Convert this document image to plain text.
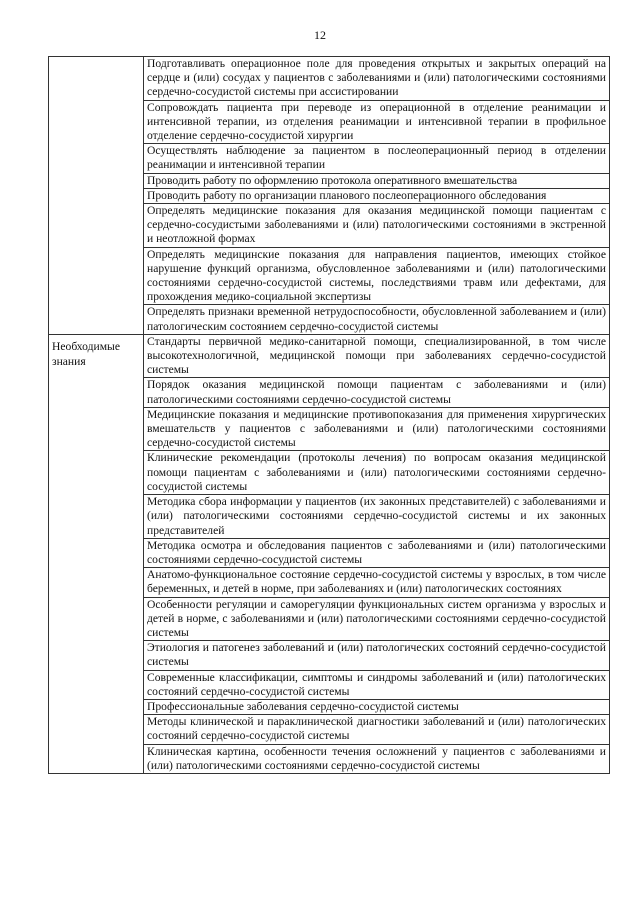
12

	Подготавливать операционное поле для проведения открытых и закрытых операций на сердце и (или) сосудах у пациентов с заболеваниями и (или) патологическими состояниями сердечно-сосудистой системы при ассистировании

	Сопровождать пациента при переводе из операционной в отделение реанимации и интенсивной терапии, из отделения реанимации и интенсивной терапии в профильное отделение сердечно-сосудистой хирургии

	Осуществлять наблюдение за пациентом в послеоперационный период в отделении реанимации и интенсивной терапии

	Проводить работу по оформлению протокола оперативного вмешательства

	Проводить работу по организации планового послеоперационного обследования

	Определять медицинские показания для оказания медицинской помощи пациентам с сердечно-сосудистыми заболеваниями и (или) патологическими состояниями в экстренной и неотложной формах

	Определять медицинские показания для направления пациентов, имеющих стойкое нарушение функций организма, обусловленное заболеваниями и (или) патологическими состояниями сердечно-сосудистой системы, последствиями травм или дефектами, для прохождения медико-социальной экспертизы

	Определять признаки временной нетрудоспособности, обусловленной заболеванием и (или) патологическим состоянием сердечно-сосудистой системы

Необходимые знания	Стандарты первичной медико-санитарной помощи, специализированной, в том числе высокотехнологичной, медицинской помощи при заболеваниях сердечно-сосудистой системы

	Порядок оказания медицинской помощи пациентам с заболеваниями и (или) патологическими состояниями сердечно-сосудистой системы

	Медицинские показания и медицинские противопоказания для применения хирургических вмешательств у пациентов с заболеваниями и (или) патологическими состояниями сердечно-сосудистой системы

	Клинические рекомендации (протоколы лечения) по вопросам оказания медицинской помощи пациентам с заболеваниями и (или) патологическими состояниями сердечно-сосудистой системы

	Методика сбора информации у пациентов (их законных представителей) с заболеваниями и (или) патологическими состояниями сердечно-сосудистой системы и их законных представителей

	Методика осмотра и обследования пациентов с заболеваниями и (или) патологическими состояниями сердечно-сосудистой системы

	Анатомо-функциональное состояние сердечно-сосудистой системы у взрослых, в том числе беременных, и детей в норме, при заболеваниях и (или) патологических состояниях

	Особенности регуляции и саморегуляции функциональных систем организма у взрослых и детей в норме, с заболеваниями и (или) патологическими состояниями сердечно-сосудистой системы

	Этиология и патогенез заболеваний и (или) патологических состояний сердечно-сосудистой системы

	Современные классификации, симптомы и синдромы заболеваний и (или) патологических состояний сердечно-сосудистой системы

	Профессиональные заболевания сердечно-сосудистой системы

	Методы клинической и параклинической диагностики заболеваний и (или) патологических состояний сердечно-сосудистой системы

	Клиническая картина, особенности течения осложнений у пациентов с заболеваниями и (или) патологическими состояниями сердечно-сосудистой системы
